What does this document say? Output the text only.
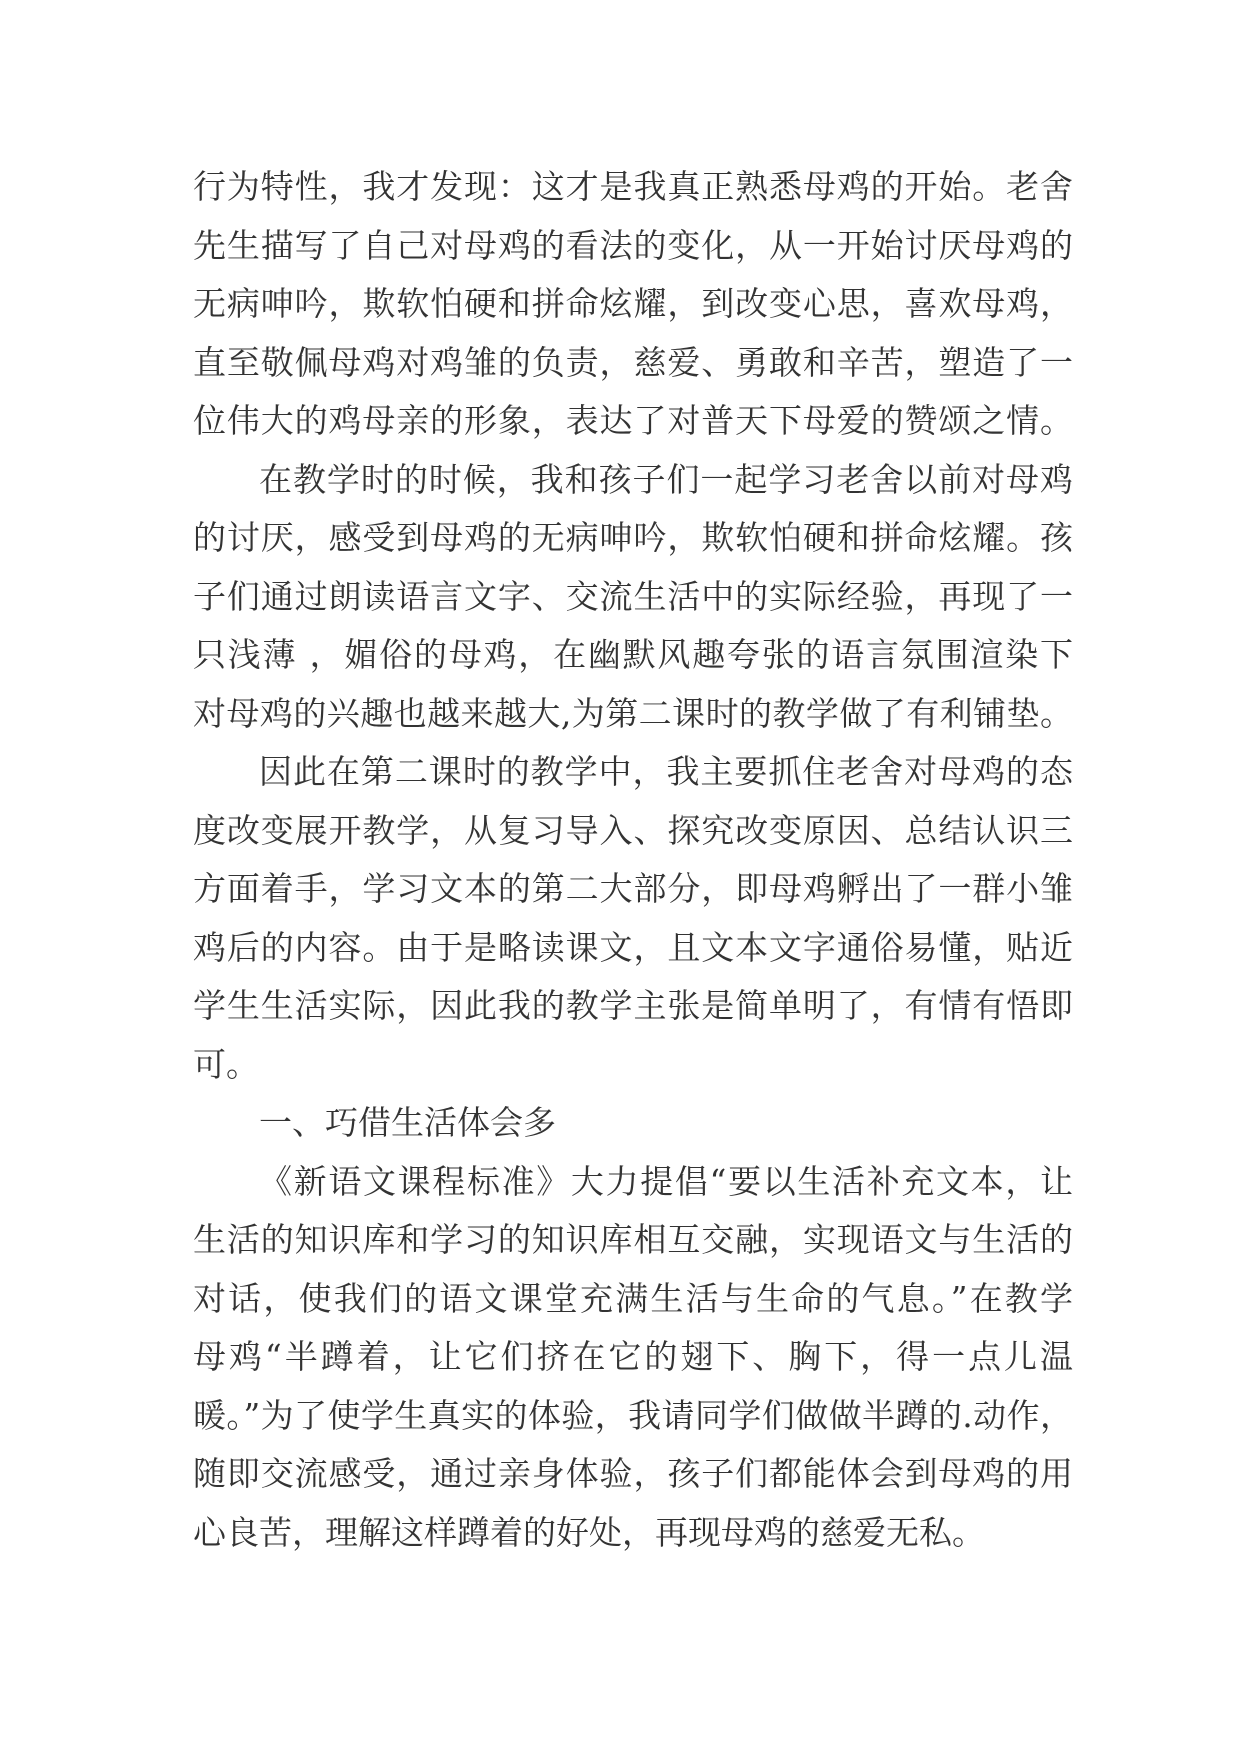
行为特性，我才发现：这才是我真正熟悉母鸡的开始。老舍
先生描写了自己对母鸡的看法的变化，从一开始讨厌母鸡的
无病呻吟，欺软怕硬和拼命炫耀，到改变心思，喜欢母鸡，
直至敬佩母鸡对鸡雏的负责，慈爱、勇敢和辛苦，塑造了一
位伟大的鸡母亲的形象，表达了对普天下母爱的赞颂之情。
在教学时的时候，我和孩子们一起学习老舍以前对母鸡
的讨厌，感受到母鸡的无病呻吟，欺软怕硬和拼命炫耀。孩
子们通过朗读语言文字、交流生活中的实际经验，再现了一
只浅薄 ，媚俗的母鸡，在幽默风趣夸张的语言氛围渲染下
对母鸡的兴趣也越来越大,为第二课时的教学做了有利铺垫。
因此在第二课时的教学中，我主要抓住老舍对母鸡的态
度改变展开教学，从复习导入、探究改变原因、总结认识三
方面着手，学习文本的第二大部分，即母鸡孵出了一群小雏
鸡后的内容。由于是略读课文，且文本文字通俗易懂，贴近
学生生活实际，因此我的教学主张是简单明了，有情有悟即
可。
一、巧借生活体会多
《新语文课程标准》大力提倡“要以生活补充文本，让
生活的知识库和学习的知识库相互交融，实现语文与生活的
对话，使我们的语文课堂充满生活与生命的气息。”在教学
母鸡“半蹲着，让它们挤在它的翅下、胸下，得一点儿温
暖。”为了使学生真实的体验，我请同学们做做半蹲的.动作，
随即交流感受，通过亲身体验，孩子们都能体会到母鸡的用
心良苦，理解这样蹲着的好处，再现母鸡的慈爱无私。
